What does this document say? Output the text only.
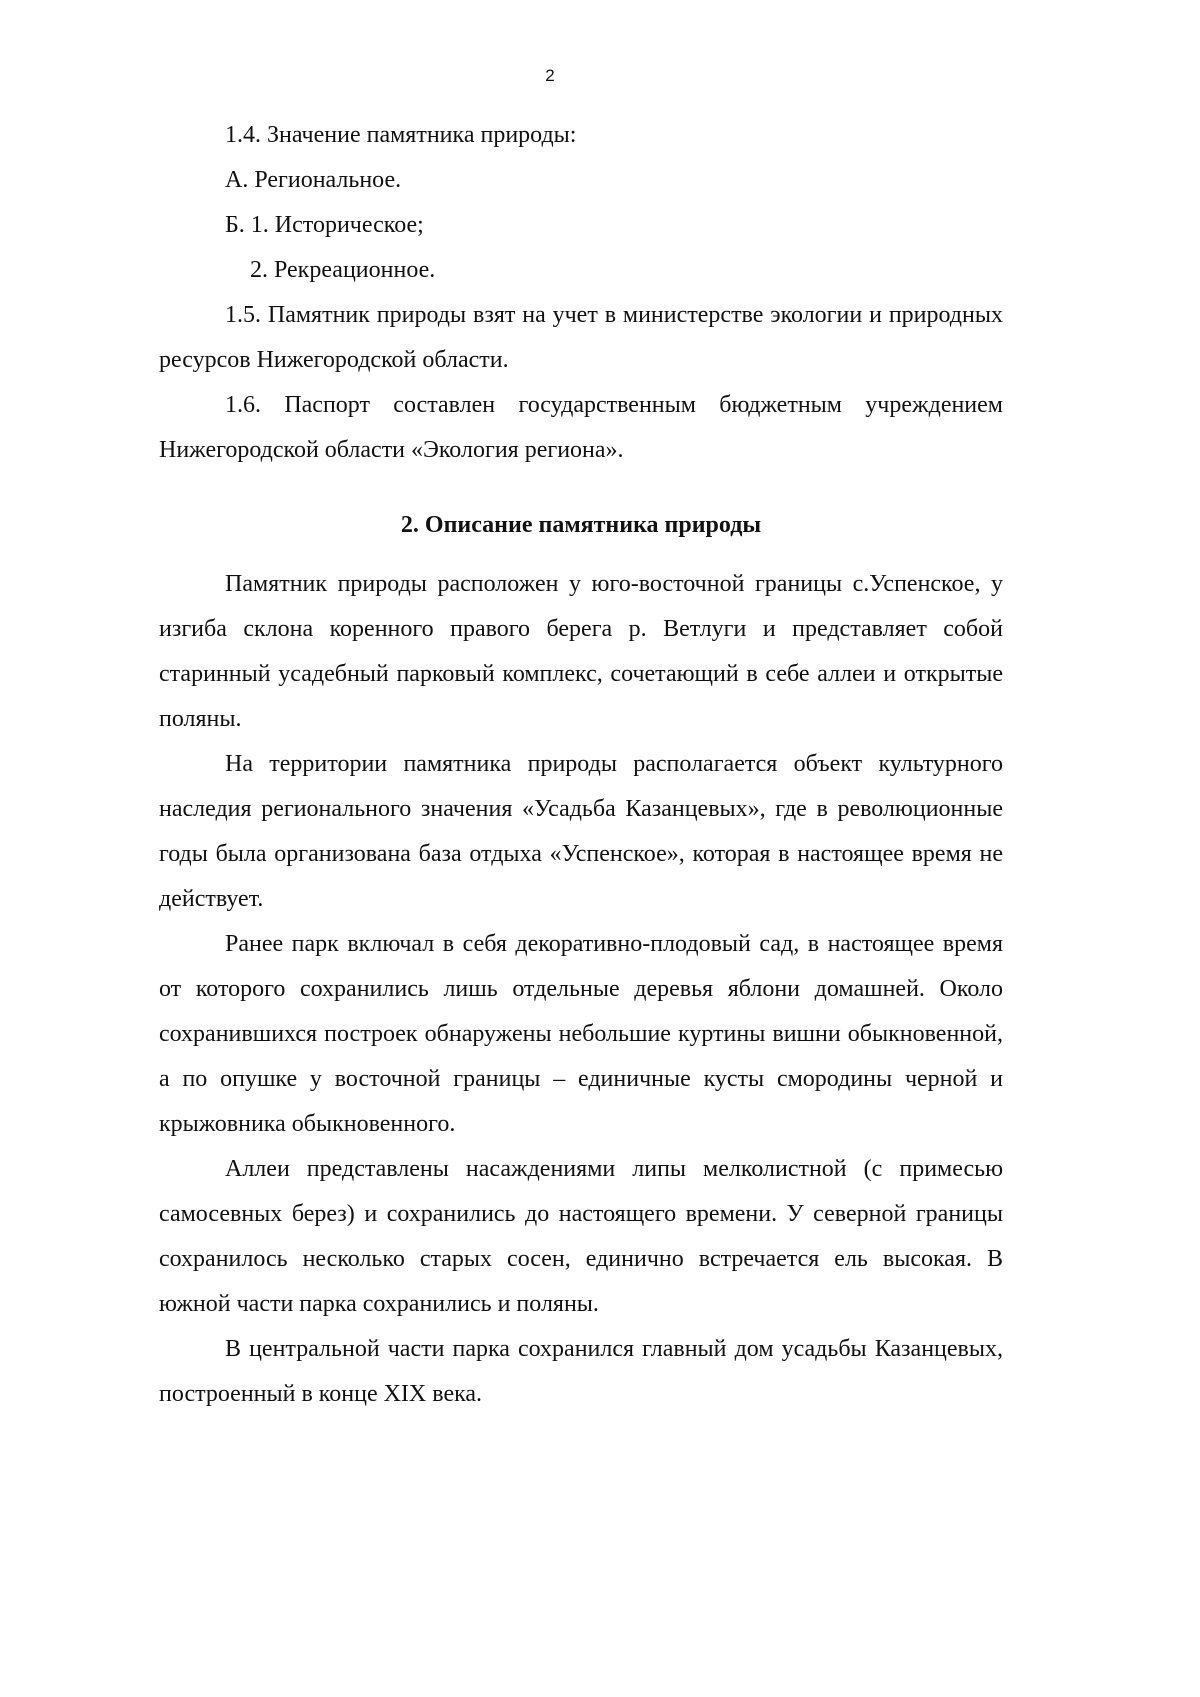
2

1.4. Значение памятника природы:

А. Региональное.

Б. 1. Историческое;

2. Рекреационное.

1.5. Памятник природы взят на учет в министерстве экологии и природных ресурсов Нижегородской области.

1.6. Паспорт составлен государственным бюджетным учреждением Нижегородской области «Экология региона».

2. Описание памятника природы

Памятник природы расположен у юго-восточной границы с.Успенское, у изгиба склона коренного правого берега р. Ветлуги и представляет собой старинный усадебный парковый комплекс, сочетающий в себе аллеи и открытые поляны.

На территории памятника природы располагается объект культурного наследия регионального значения «Усадьба Казанцевых», где в революционные годы была организована база отдыха «Успенское», которая в настоящее время не действует.

Ранее парк включал в себя декоративно-плодовый сад, в настоящее время от которого сохранились лишь отдельные деревья яблони домашней. Около сохранившихся построек обнаружены небольшие куртины вишни обыкновенной, а по опушке у восточной границы – единичные кусты смородины черной и крыжовника обыкновенного.

Аллеи представлены насаждениями липы мелколистной (с примесью самосевных берез) и сохранились до настоящего времени. У северной границы сохранилось несколько старых сосен, единично встречается ель высокая. В южной части парка сохранились и поляны.

В центральной части парка сохранился главный дом усадьбы Казанцевых, построенный в конце XIX века.
